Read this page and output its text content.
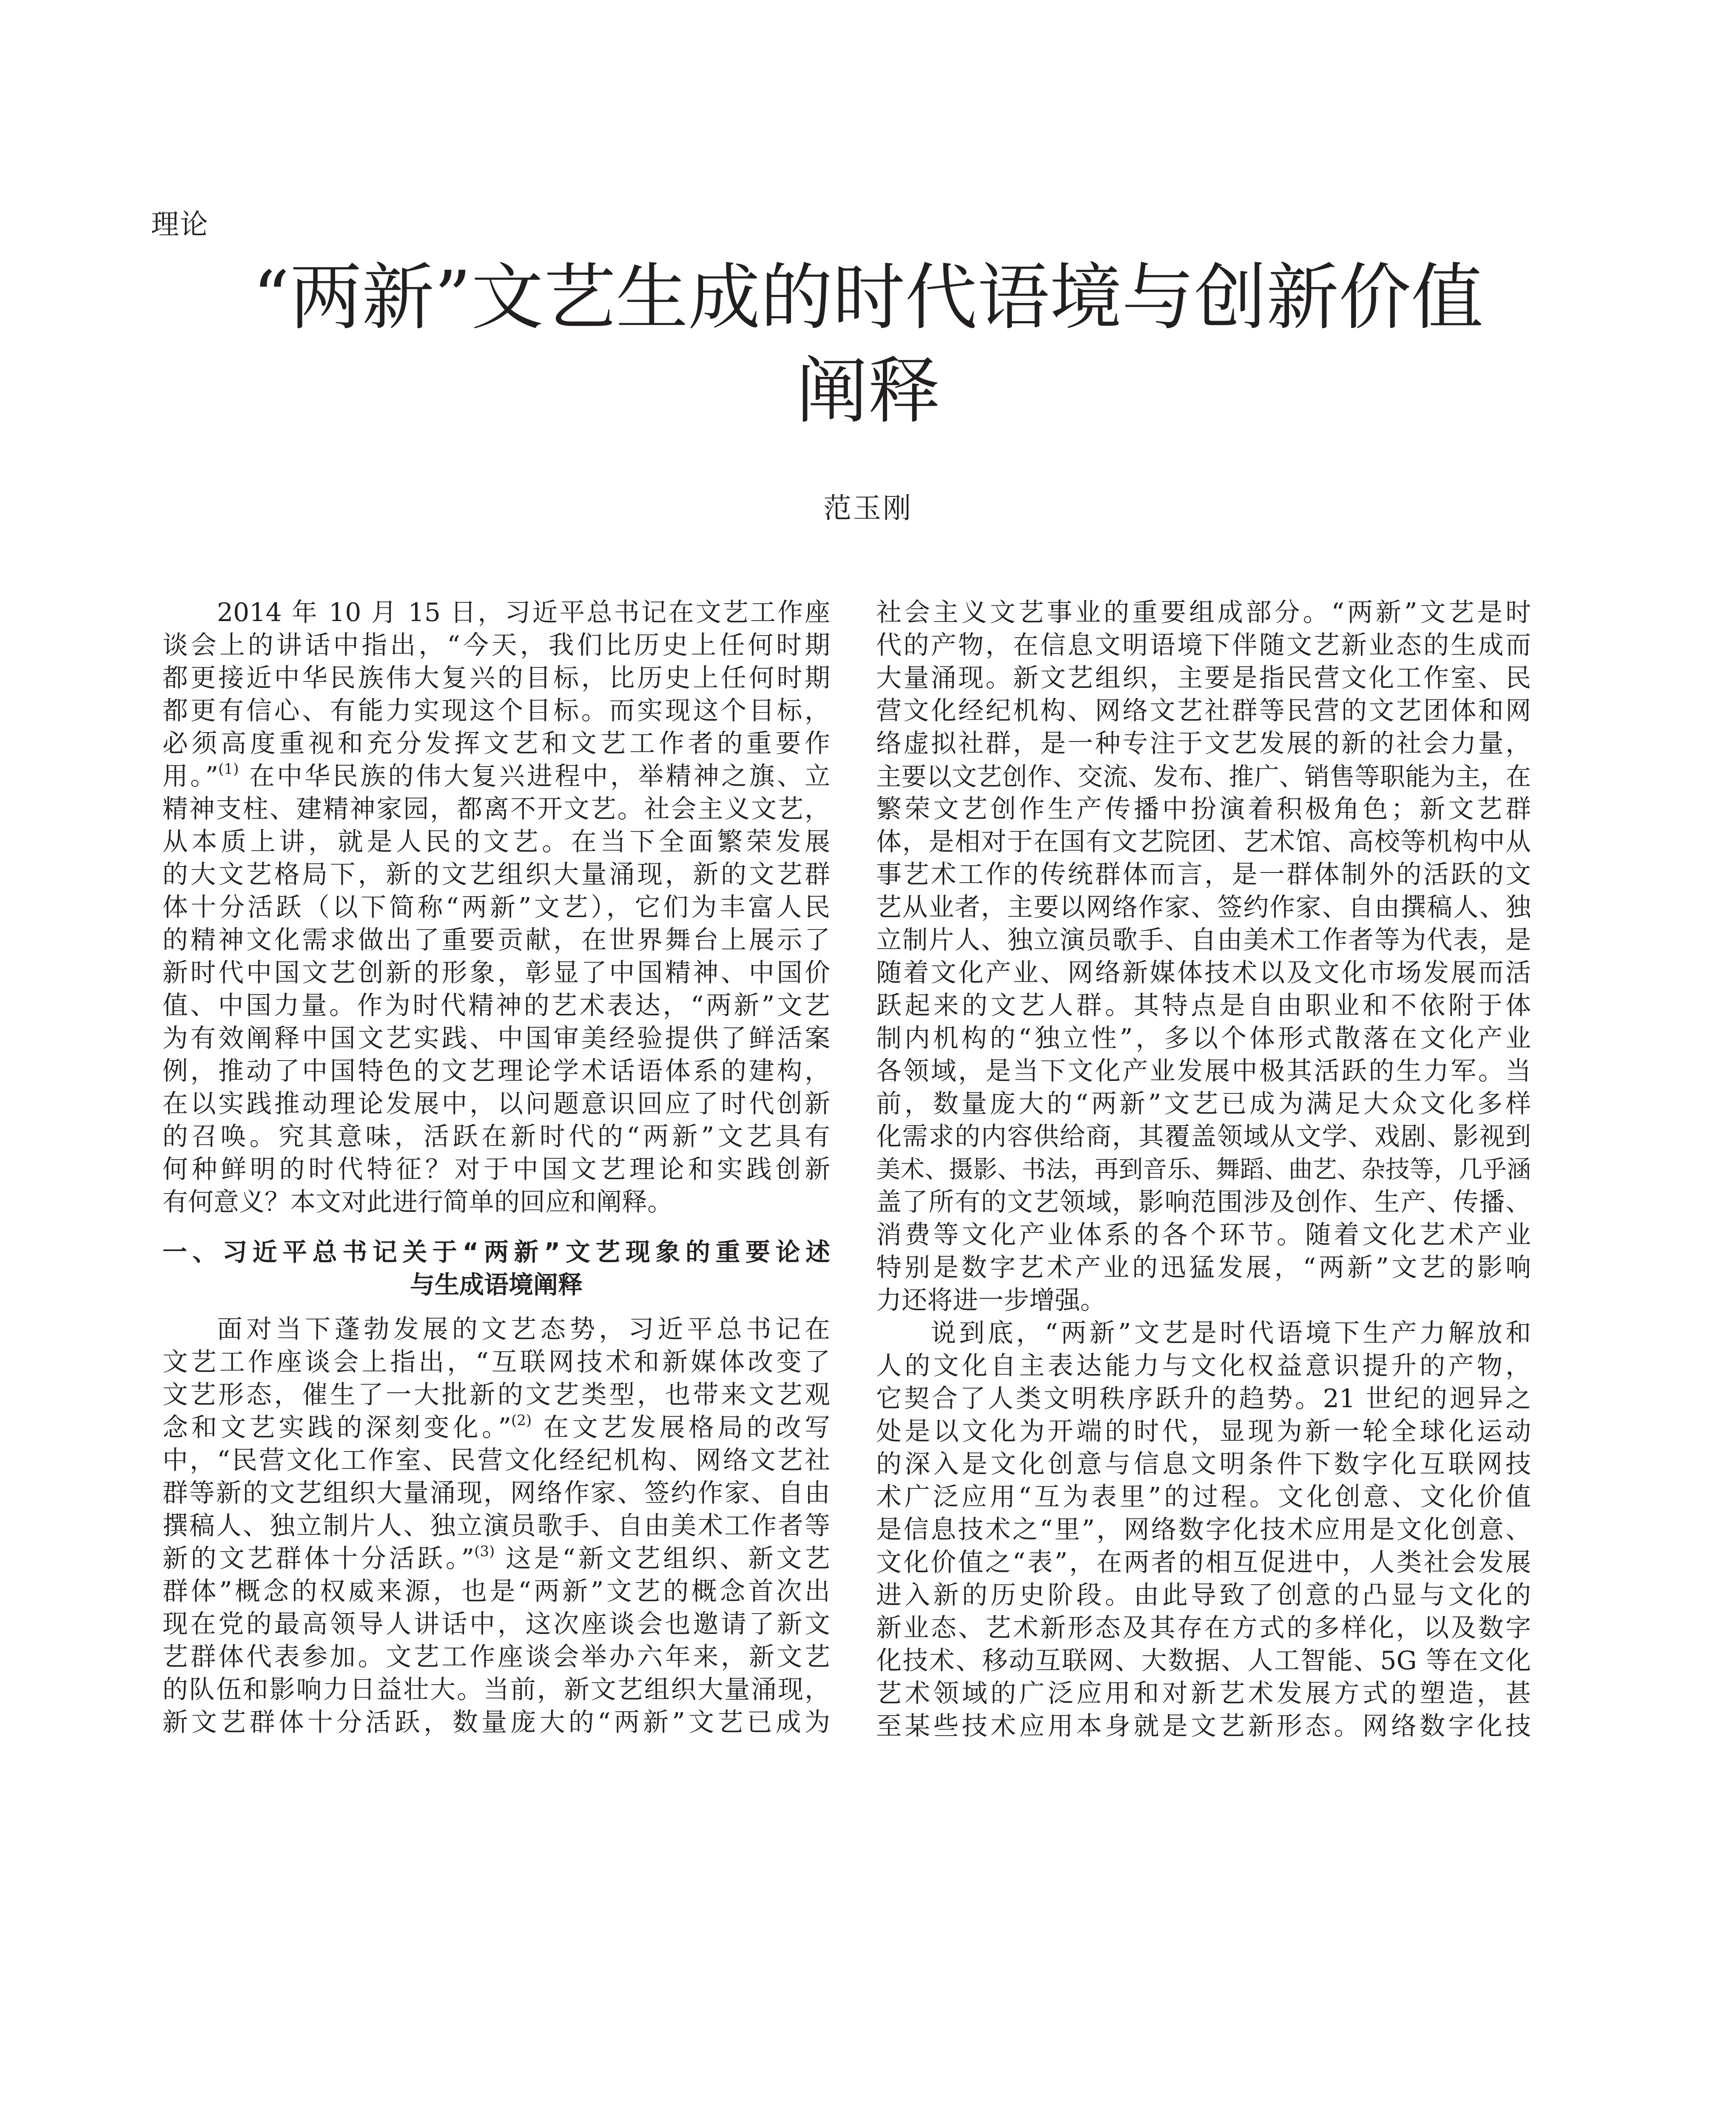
理论
“两新”文艺生成的时代语境与创新价值
阐释
范玉刚
2014 年 10 月 15 日，习近平总书记在文艺工作座
谈会上的讲话中指出，“今天，我们比历史上任何时期
都更接近中华民族伟大复兴的目标，比历史上任何时期
都更有信心、有能力实现这个目标。而实现这个目标，
必须高度重视和充分发挥文艺和文艺工作者的重要作
用。”$^{(1)}$ 在中华民族的伟大复兴进程中，举精神之旗、立
精神支柱、建精神家园，都离不开文艺。社会主义文艺，
从本质上讲，就是人民的文艺。在当下全面繁荣发展
的大文艺格局下，新的文艺组织大量涌现，新的文艺群
体十分活跃（以下简称“两新”文艺），它们为丰富人民
的精神文化需求做出了重要贡献，在世界舞台上展示了
新时代中国文艺创新的形象，彰显了中国精神、中国价
值、中国力量。作为时代精神的艺术表达，“两新”文艺
为有效阐释中国文艺实践、中国审美经验提供了鲜活案
例，推动了中国特色的文艺理论学术话语体系的建构，
在以实践推动理论发展中，以问题意识回应了时代创新
的召唤。究其意味，活跃在新时代的“两新”文艺具有
何种鲜明的时代特征？对于中国文艺理论和实践创新
有何意义？本文对此进行简单的回应和阐释。
一、习近平总书记关于“两新”文艺现象的重要论述
与生成语境阐释
面对当下蓬勃发展的文艺态势，习近平总书记在
文艺工作座谈会上指出，“互联网技术和新媒体改变了
文艺形态，催生了一大批新的文艺类型，也带来文艺观
念和文艺实践的深刻变化。”$^{(2)}$ 在文艺发展格局的改写
中，“民营文化工作室、民营文化经纪机构、网络文艺社
群等新的文艺组织大量涌现，网络作家、签约作家、自由
撰稿人、独立制片人、独立演员歌手、自由美术工作者等
新的文艺群体十分活跃。”$^{(3)}$ 这是“新文艺组织、新文艺
群体”概念的权威来源，也是“两新”文艺的概念首次出
现在党的最高领导人讲话中，这次座谈会也邀请了新文
艺群体代表参加。文艺工作座谈会举办六年来，新文艺
的队伍和影响力日益壮大。当前，新文艺组织大量涌现，
新文艺群体十分活跃，数量庞大的“两新”文艺已成为
社会主义文艺事业的重要组成部分。“两新”文艺是时
代的产物，在信息文明语境下伴随文艺新业态的生成而
大量涌现。新文艺组织，主要是指民营文化工作室、民
营文化经纪机构、网络文艺社群等民营的文艺团体和网
络虚拟社群，是一种专注于文艺发展的新的社会力量，
主要以文艺创作、交流、发布、推广、销售等职能为主，在
繁荣文艺创作生产传播中扮演着积极角色；新文艺群
体，是相对于在国有文艺院团、艺术馆、高校等机构中从
事艺术工作的传统群体而言，是一群体制外的活跃的文
艺从业者，主要以网络作家、签约作家、自由撰稿人、独
立制片人、独立演员歌手、自由美术工作者等为代表，是
随着文化产业、网络新媒体技术以及文化市场发展而活
跃起来的文艺人群。其特点是自由职业和不依附于体
制内机构的“独立性”，多以个体形式散落在文化产业
各领域，是当下文化产业发展中极其活跃的生力军。当
前，数量庞大的“两新”文艺已成为满足大众文化多样
化需求的内容供给商，其覆盖领域从文学、戏剧、影视到
美术、摄影、书法，再到音乐、舞蹈、曲艺、杂技等，几乎涵
盖了所有的文艺领域，影响范围涉及创作、生产、传播、
消费等文化产业体系的各个环节。随着文化艺术产业
特别是数字艺术产业的迅猛发展，“两新”文艺的影响
力还将进一步增强。
说到底，“两新”文艺是时代语境下生产力解放和
人的文化自主表达能力与文化权益意识提升的产物，
它契合了人类文明秩序跃升的趋势。21 世纪的迥异之
处是以文化为开端的时代，显现为新一轮全球化运动
的深入是文化创意与信息文明条件下数字化互联网技
术广泛应用“互为表里”的过程。文化创意、文化价值
是信息技术之“里”，网络数字化技术应用是文化创意、
文化价值之“表”，在两者的相互促进中，人类社会发展
进入新的历史阶段。由此导致了创意的凸显与文化的
新业态、艺术新形态及其存在方式的多样化，以及数字
化技术、移动互联网、大数据、人工智能、5G 等在文化
艺术领域的广泛应用和对新艺术发展方式的塑造，甚
至某些技术应用本身就是文艺新形态。网络数字化技
